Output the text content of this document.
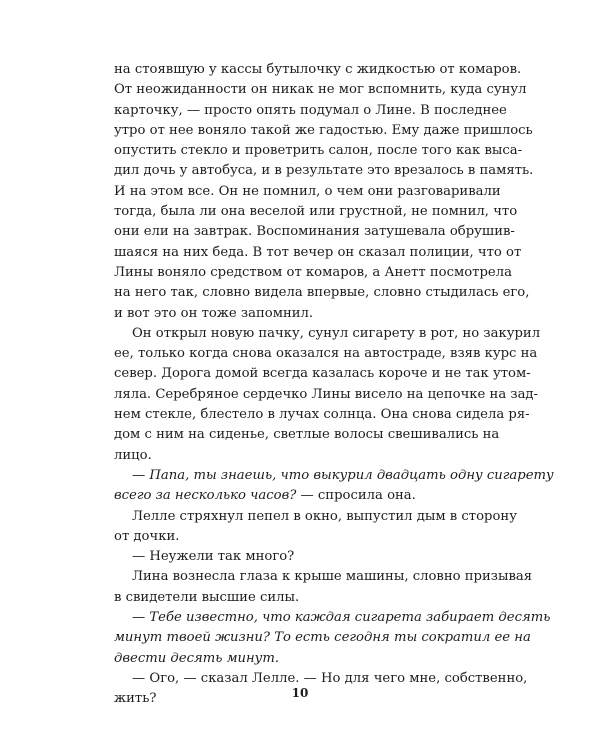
на стоявшую у кассы бутылочку с жидкостью от комаров.
От неожиданности он никак не мог вспомнить, куда сунул
карточку, — просто опять подумал о Лине. В последнее
утро от нее воняло такой же гадостью. Ему даже пришлось
опустить стекло и проветрить салон, после того как выса-
дил дочь у автобуса, и в результате это врезалось в память.
И на этом все. Он не помнил, о чем они разговаривали
тогда, была ли она веселой или грустной, не помнил, что
они ели на завтрак. Воспоминания затушевала обрушив-
шаяся на них беда. В тот вечер он сказал полиции, что от
Лины воняло средством от комаров, а Анетт посмотрела
на него так, словно видела впервые, словно стыдилась его,
и вот это он тоже запомнил.
Он открыл новую пачку, сунул сигарету в рот, но закурил
ее, только когда снова оказался на автостраде, взяв курс на
север. Дорога домой всегда казалась короче и не так утом-
ляла. Серебряное сердечко Лины висело на цепочке на зад-
нем стекле, блестело в лучах солнца. Она снова сидела ря-
дом с ним на сиденье, светлые волосы свешивались на
лицо.
— Папа, ты знаешь, что выкурил двадцать одну сигарету
всего за несколько часов? — спросила она.
Лелле стряхнул пепел в окно, выпустил дым в сторону
от дочки.
— Неужели так много?
Лина вознесла глаза к крыше машины, словно призывая
в свидетели высшие силы.
— Тебе известно, что каждая сигарета забирает десять
минут твоей жизни? То есть сегодня ты сократил ее на
двести десять минут.
— Ого, — сказал Лелле. — Но для чего мне, собственно,
жить?	10
